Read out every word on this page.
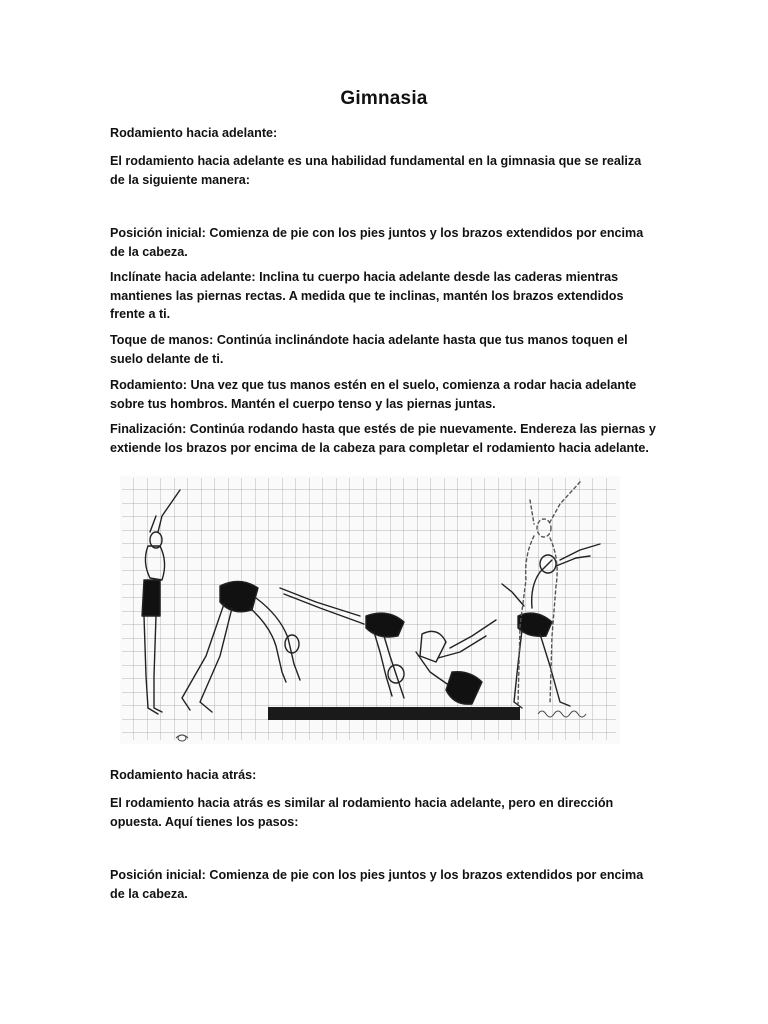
Gimnasia
Rodamiento hacia adelante:
El rodamiento hacia adelante es una habilidad fundamental en la gimnasia que se realiza de la siguiente manera:
Posición inicial: Comienza de pie con los pies juntos y los brazos extendidos por encima de la cabeza.
Inclínate hacia adelante: Inclina tu cuerpo hacia adelante desde las caderas mientras mantienes las piernas rectas. A medida que te inclinas, mantén los brazos extendidos frente a ti.
Toque de manos: Continúa inclinándote hacia adelante hasta que tus manos toquen el suelo delante de ti.
Rodamiento: Una vez que tus manos estén en el suelo, comienza a rodar hacia adelante sobre tus hombros. Mantén el cuerpo tenso y las piernas juntas.
Finalización: Continúa rodando hasta que estés de pie nuevamente. Endereza las piernas y extiende los brazos por encima de la cabeza para completar el rodamiento hacia adelante.
Rodamiento hacia atrás:
El rodamiento hacia atrás es similar al rodamiento hacia adelante, pero en dirección opuesta. Aquí tienes los pasos:
Posición inicial: Comienza de pie con los pies juntos y los brazos extendidos por encima de la cabeza.
